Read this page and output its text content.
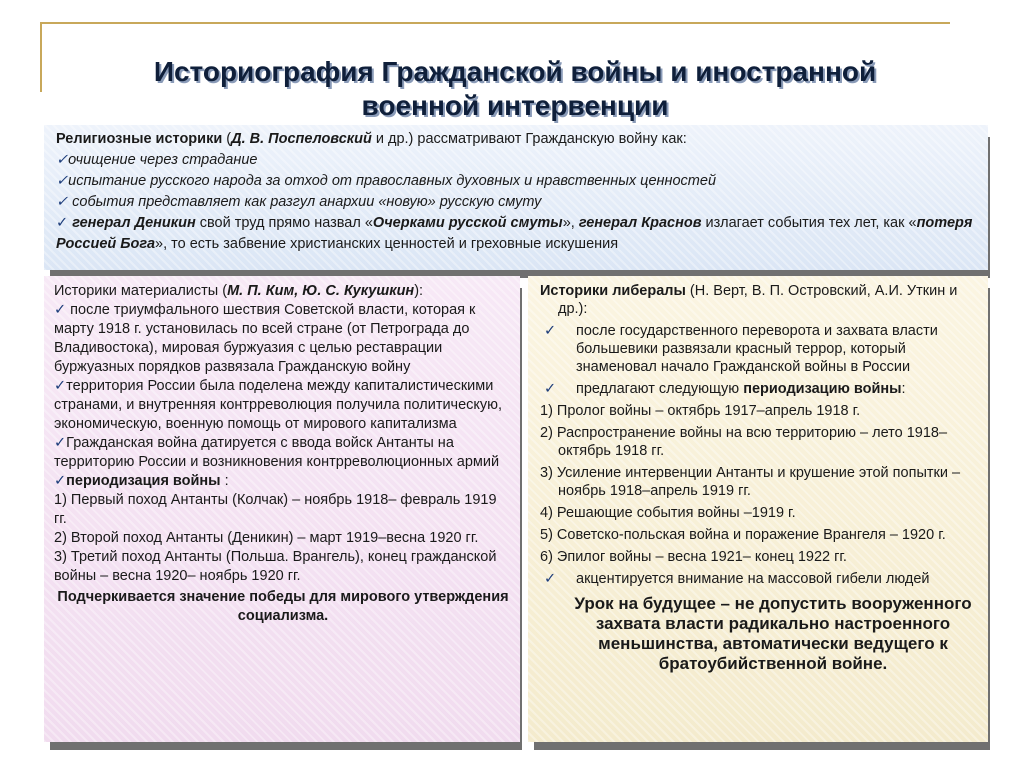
Историография Гражданской войны и иностранной
военной интервенции

Религиозные историки (Д. В. Поспеловский и др.) рассматривают Гражданскую войну как:

✓очищение через страдание

✓испытание русского народа за отход от православных духовных и нравственных ценностей

✓ события представляет как разгул анархии «новую» русскую смуту

✓ генерал Деникин свой труд прямо назвал «Очерками русской смуты», генерал Краснов излагает события тех лет, как «потеря Россией Бога», то есть забвение христианских ценностей и греховные искушения

Историки материалисты (М. П. Ким, Ю. С. Кукушкин):

✓ после триумфального шествия Советской власти, которая к марту 1918 г. установилась по всей стране (от Петрограда до Владивостока), мировая буржуазия с целью реставрации буржуазных порядков развязала Гражданскую войну

✓территория России была поделена между капиталистическими странами, и внутренняя контрреволюция получила политическую, экономическую, военную помощь от мирового капитализма

✓Гражданская война датируется с ввода войск Антанты на территорию России и возникновения контрреволюционных армий

✓периодизация войны :

1) Первый поход Антанты (Колчак) – ноябрь 1918– февраль 1919 гг.

2) Второй поход Антанты (Деникин) – март 1919–весна 1920 гг.

3) Третий поход Антанты (Польша. Врангель), конец гражданской войны – весна 1920– ноябрь 1920 гг.

Подчеркивается значение победы для мирового утверждения социализма.

Историки либералы (Н. Верт, В. П. Островский, А.И. Уткин и др.):

✓ после государственного переворота и захвата власти большевики развязали красный террор, который знаменовал начало Гражданской войны в России

✓ предлагают следующую периодизацию войны:

1) Пролог войны – октябрь 1917–апрель 1918 г.

2) Распространение войны на всю территорию – лето 1918–октябрь 1918 гг.

3) Усиление интервенции Антанты и крушение этой попытки – ноябрь 1918–апрель 1919 гг.

4) Решающие события войны –1919 г.

5) Советско-польская война и поражение Врангеля – 1920 г.

6) Эпилог войны – весна 1921– конец 1922 гг.

✓ акцентируется внимание на массовой гибели людей

Урок на будущее – не допустить вооруженного захвата власти радикально настроенного меньшинства, автоматически ведущего к братоубийственной войне.
